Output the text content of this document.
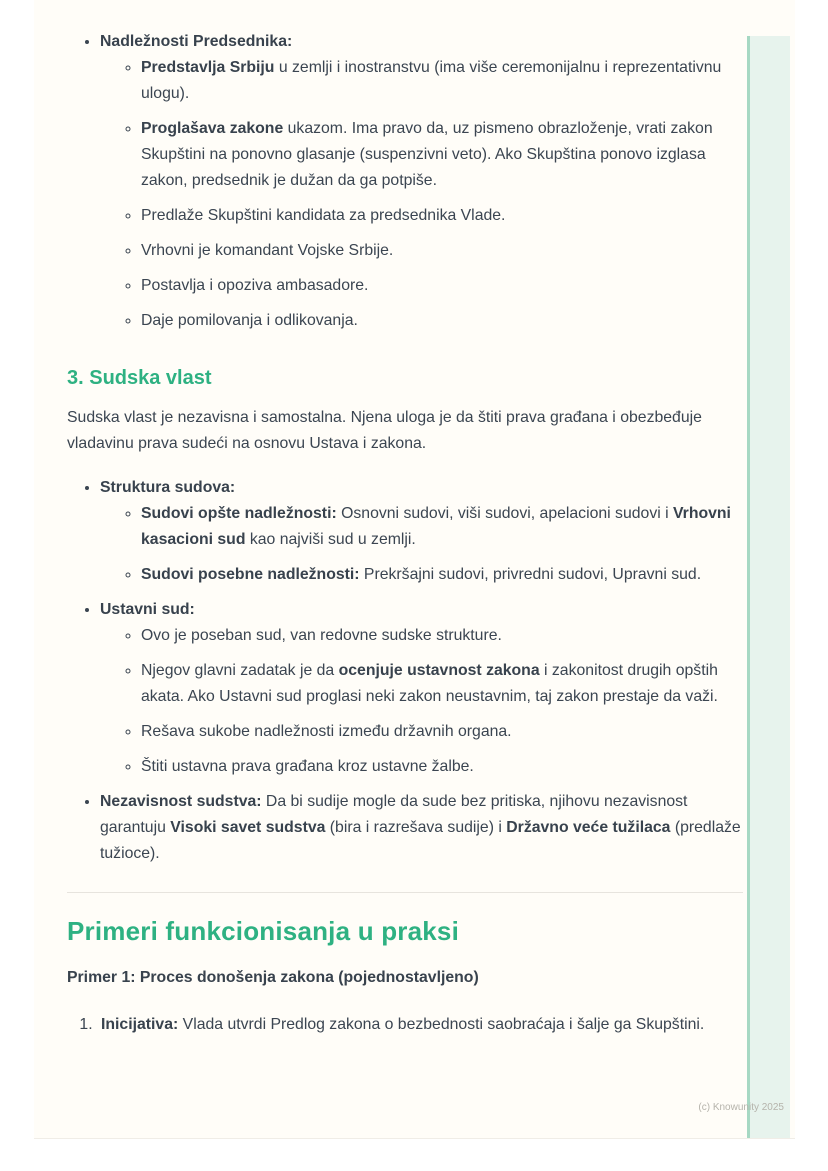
• Nadležnosti Predsednika:
◦ Predstavlja Srbiju u zemlji i inostranstvu (ima više ceremonijalnu i reprezentativnu ulogu).
◦ Proglašava zakone ukazom. Ima pravo da, uz pismeno obrazloženje, vrati zakon Skupštini na ponovno glasanje (suspenzivni veto). Ako Skupština ponovo izglasa zakon, predsednik je dužan da ga potpiše.
◦ Predlaže Skupštini kandidata za predsednika Vlade.
◦ Vrhovni je komandant Vojske Srbije.
◦ Postavlja i opoziva ambasadore.
◦ Daje pomilovanja i odlikovanja.
3. Sudska vlast

Sudska vlast je nezavisna i samostalna. Njena uloga je da štiti prava građana i obezbeđuje vladavinu prava sudeći na osnovu Ustava i zakona.

• Struktura sudova:
◦ Sudovi opšte nadležnosti: Osnovni sudovi, viši sudovi, apelacioni sudovi i Vrhovni kasacioni sud kao najviši sud u zemlji.
◦ Sudovi posebne nadležnosti: Prekršajni sudovi, privredni sudovi, Upravni sud.
• Ustavni sud:
◦ Ovo je poseban sud, van redovne sudske strukture.
◦ Njegov glavni zadatak je da ocenjuje ustavnost zakona i zakonitost drugih opštih akata. Ako Ustavni sud proglasi neki zakon neustavnim, taj zakon prestaje da važi.
◦ Rešava sukobe nadležnosti između državnih organa.
◦ Štiti ustavna prava građana kroz ustavne žalbe.
• Nezavisnost sudstva: Da bi sudije mogle da sude bez pritiska, njihovu nezavisnost garantuju Visoki savet sudstva (bira i razrešava sudije) i Državno veće tužilaca (predlaže tužioce).
Primeri funkcionisanja u praksi
Primer 1: Proces donošenja zakona (pojednostavljeno)
1. Inicijativa: Vlada utvrdi Predlog zakona o bezbednosti saobraćaja i šalje ga Skupštini.
(c) Knowunity 2025
